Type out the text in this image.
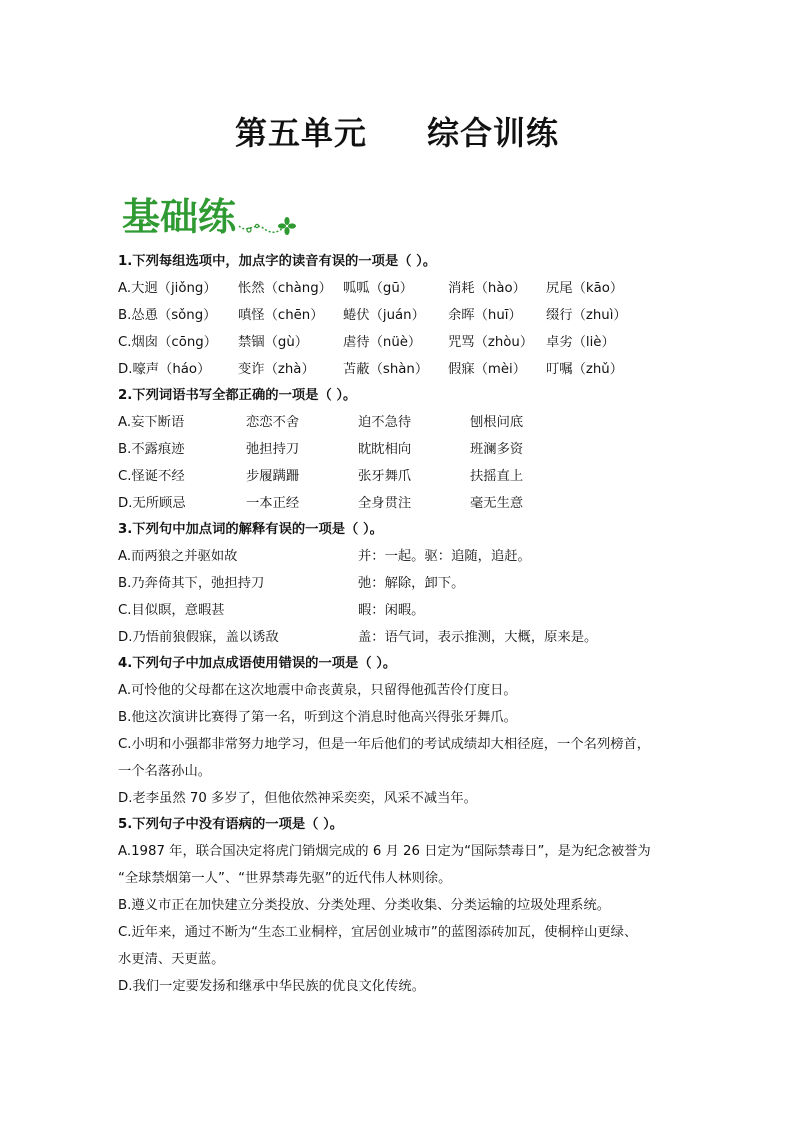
第五单元 综合训练
基础练
1.下列每组选项中，加点字的读音有误的一项是（ ）。
A.大迥（jiǒng） 怅然（chàng） 呱呱（gū）	消耗（hào） 尻尾（kāo）
B.怂恿（sǒng） 嗔怪（chēn） 蜷伏（juán） 余晖（huī） 缀行（zhuì）
C.烟囱（cōng） 禁锢（gù）	虐待（nüè） 咒骂（zhòu） 卓劣（liè）
D.嚎声（háo） 变诈（zhà） 苫蔽（shàn） 假寐（mèi） 叮嘱（zhǔ）
2.下列词语书写全都正确的一项是（ ）。
A.妄下断语	恋恋不舍	迫不急待	刨根问底
B.不露痕迹	弛担持刀	眈眈相向	班澜多资
C.怪诞不经	步履蹒跚	张牙舞爪	扶摇直上
D.无所顾忌	一本正经	全身贯注	毫无生意
3.下列句中加点词的解释有误的一项是（ ）。
A.而两狼之并驱如故	并：一起。驱：追随，追赶。
B.乃奔倚其下，弛担持刀	弛：解除，卸下。
C.目似瞑，意暇甚	暇：闲暇。
D.乃悟前狼假寐，盖以诱敌	盖：语气词，表示推测，大概，原来是。
4.下列句子中加点成语使用错误的一项是（ ）。
A.可怜他的父母都在这次地震中命丧黄泉，只留得他孤苦伶仃度日。
B.他这次演讲比赛得了第一名，听到这个消息时他高兴得张牙舞爪。
C.小明和小强都非常努力地学习，但是一年后他们的考试成绩却大相径庭，一个名列榜首，
一个名落孙山。
D.老李虽然 70 多岁了，但他依然神采奕奕，风采不减当年。
5.下列句子中没有语病的一项是（ ）。
A.1987 年，联合国决定将虎门销烟完成的 6 月 26 日定为“国际禁毒日”，是为纪念被誉为
“全球禁烟第一人”、“世界禁毒先驱”的近代伟人林则徐。
B.遵义市正在加快建立分类投放、分类处理、分类收集、分类运输的垃圾处理系统。
C.近年来，通过不断为“生态工业桐梓，宜居创业城市”的蓝图添砖加瓦，使桐梓山更绿、
水更清、天更蓝。
D.我们一定要发扬和继承中华民族的优良文化传统。
